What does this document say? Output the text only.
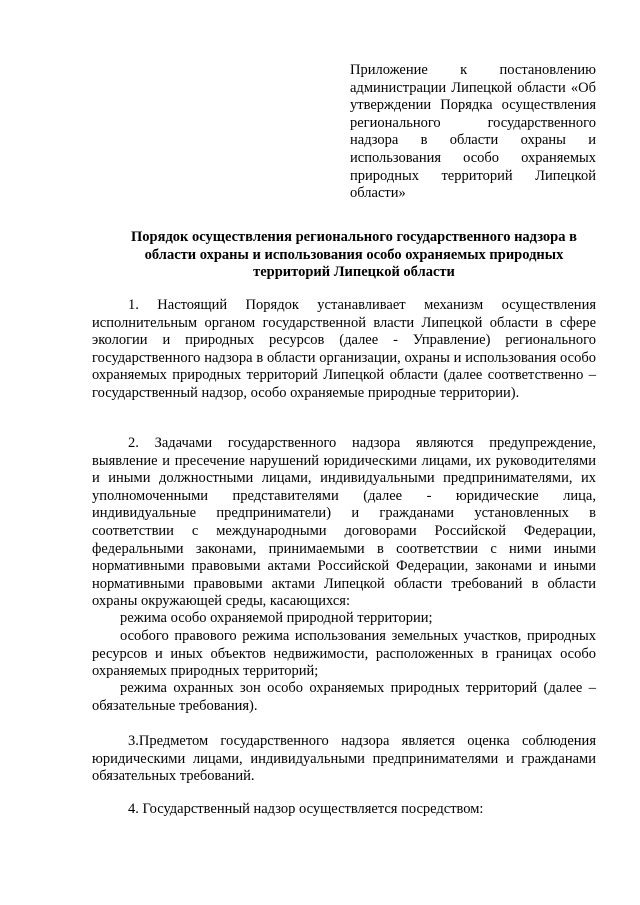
Приложение к постановлению администрации Липецкой области «Об утверждении Порядка осуществления регионального государственного надзора в области охраны и использования особо охраняемых природных территорий Липецкой области»
Порядок осуществления регионального государственного надзора в области охраны и использования особо охраняемых природных территорий Липецкой области
1. Настоящий Порядок устанавливает механизм осуществления исполнительным органом государственной власти Липецкой области в сфере экологии и природных ресурсов (далее - Управление) регионального государственного надзора в области организации, охраны и использования особо охраняемых природных территорий Липецкой области (далее соответственно – государственный надзор, особо охраняемые природные территории).
2. Задачами государственного надзора являются предупреждение, выявление и пресечение нарушений юридическими лицами, их руководителями и иными должностными лицами, индивидуальными предпринимателями, их уполномоченными представителями (далее - юридические лица, индивидуальные предприниматели) и гражданами установленных в соответствии с международными договорами Российской Федерации, федеральными законами, принимаемыми в соответствии с ними иными нормативными правовыми актами Российской Федерации, законами и иными нормативными правовыми актами Липецкой области требований в области охраны окружающей среды, касающихся:
режима особо охраняемой природной территории;
особого правового режима использования земельных участков, природных ресурсов и иных объектов недвижимости, расположенных в границах особо охраняемых природных территорий;
режима охранных зон особо охраняемых природных территорий (далее – обязательные требования).
3.Предметом государственного надзора является оценка соблюдения юридическими лицами, индивидуальными предпринимателями и гражданами обязательных требований.
4. Государственный надзор осуществляется посредством:
